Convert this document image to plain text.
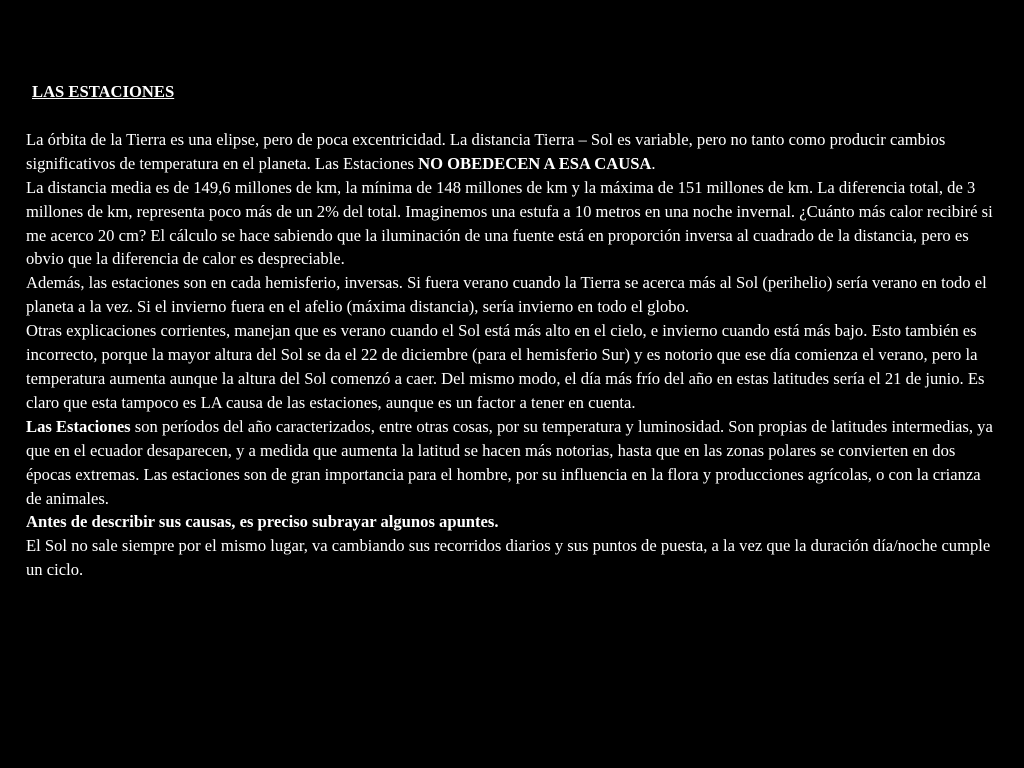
LAS ESTACIONES

La órbita de la Tierra es una elipse, pero de poca excentricidad. La distancia Tierra – Sol es variable, pero no tanto como producir cambios significativos de temperatura en el planeta. Las Estaciones NO OBEDECEN A ESA CAUSA.

La distancia media es de 149,6 millones de km, la mínima de 148 millones de km y la máxima de 151 millones de km. La diferencia total, de 3 millones de km, representa poco más de un 2% del total. Imaginemos una estufa a 10 metros en una noche invernal. ¿Cuánto más calor recibiré si me acerco 20 cm? El cálculo se hace sabiendo que la iluminación de una fuente está en proporción inversa al cuadrado de la distancia, pero es obvio que la diferencia de calor es despreciable.

Además, las estaciones son en cada hemisferio, inversas. Si fuera verano cuando la Tierra se acerca más al Sol (perihelio) sería verano en todo el planeta a la vez. Si el invierno fuera en el afelio (máxima distancia), sería invierno en todo el globo.

Otras explicaciones corrientes, manejan que es verano cuando el Sol está más alto en el cielo, e invierno cuando está más bajo. Esto también es incorrecto, porque la mayor altura del Sol se da el 22 de diciembre (para el hemisferio Sur) y es notorio que ese día comienza el verano, pero la temperatura aumenta aunque la altura del Sol comenzó a caer. Del mismo modo, el día más frío del año en estas latitudes sería el 21 de junio. Es claro que esta tampoco es LA causa de las estaciones, aunque es un factor a tener en cuenta.

Las Estaciones son períodos del año caracterizados, entre otras cosas, por su temperatura y luminosidad. Son propias de latitudes intermedias, ya que en el ecuador desaparecen, y a medida que aumenta la latitud se hacen más notorias, hasta que en las zonas polares se convierten en dos épocas extremas. Las estaciones son de gran importancia para el hombre, por su influencia en la flora y producciones agrícolas, o con la crianza de animales.

Antes de describir sus causas, es preciso subrayar algunos apuntes.

El Sol no sale siempre por el mismo lugar, va cambiando sus recorridos diarios y sus puntos de puesta, a la vez que la duración día/noche cumple un ciclo.
